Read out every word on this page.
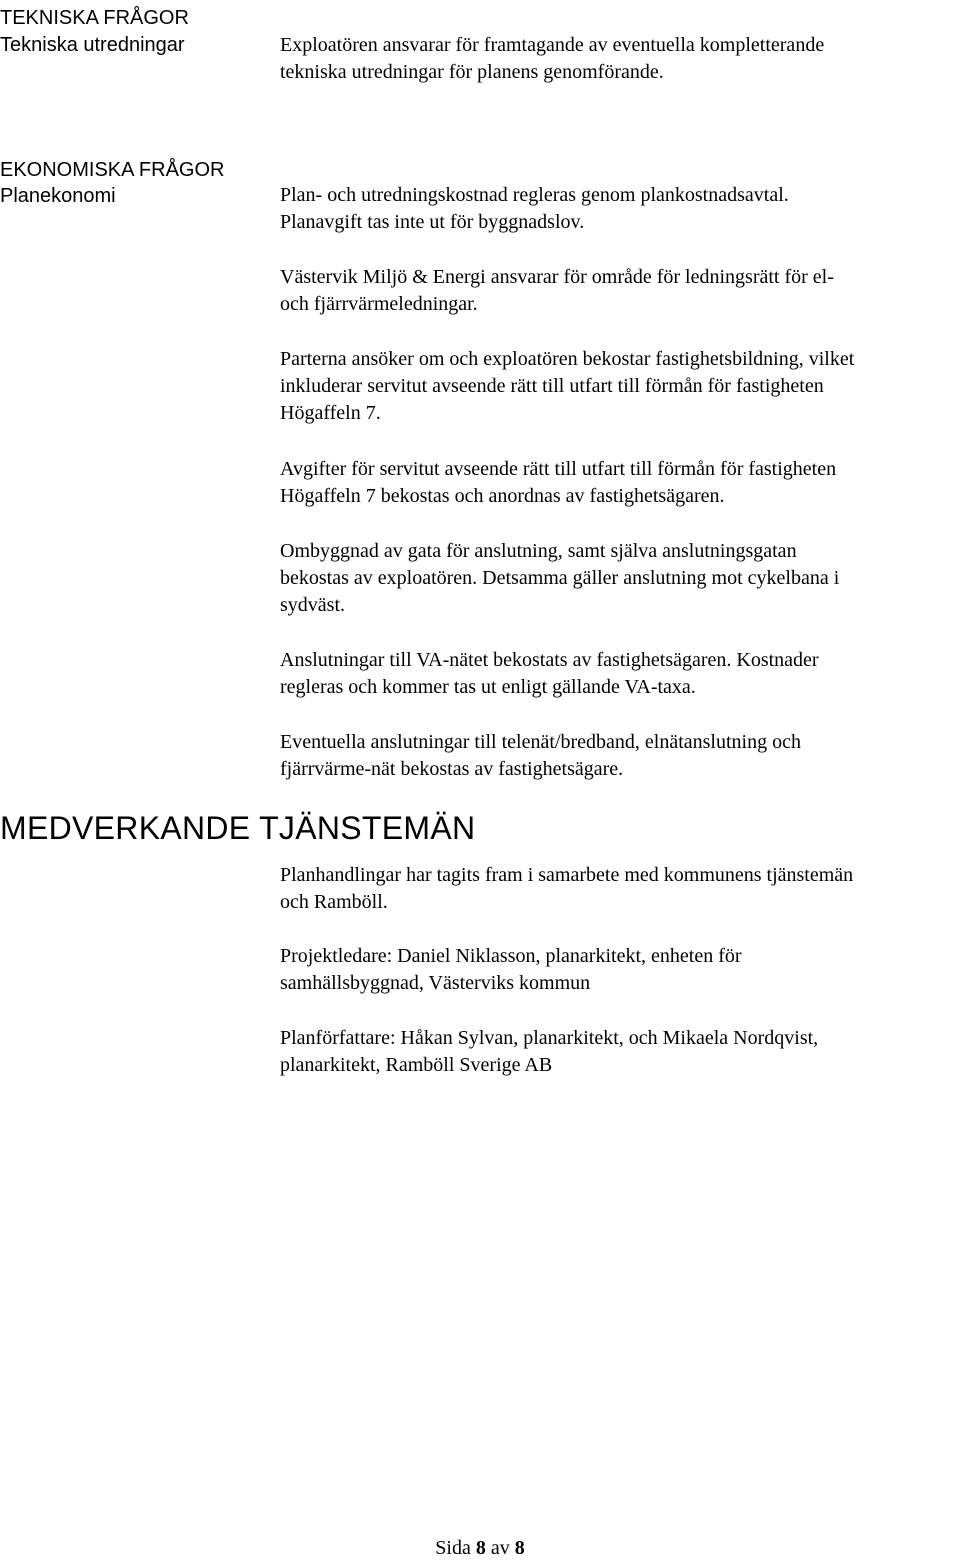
TEKNISKA FRÅGOR
Tekniska utredningar	Exploatören ansvarar för framtagande av eventuella kompletterande
tekniska utredningar för planens genomförande.

EKONOMISKA FRÅGOR
Planekonomi	Plan- och utredningskostnad regleras genom plankostnadsavtal.
Planavgift tas inte ut för byggnadslov.

Västervik Miljö & Energi ansvarar för område för ledningsrätt för el-
och fjärrvärmeledningar.

Parterna ansöker om och exploatören bekostar fastighetsbildning, vilket
inkluderar servitut avseende rätt till utfart till förmån för fastigheten
Högaffeln 7.

Avgifter för servitut avseende rätt till utfart till förmån för fastigheten
Högaffeln 7 bekostas och anordnas av fastighetsägaren.

Ombyggnad av gata för anslutning, samt själva anslutningsgatan
bekostas av exploatören. Detsamma gäller anslutning mot cykelbana i
sydväst.

Anslutningar till VA-nätet bekostats av fastighetsägaren. Kostnader
regleras och kommer tas ut enligt gällande VA-taxa.

Eventuella anslutningar till telenät/bredband, elnätanslutning och
fjärrvärme-nät bekostas av fastighetsägare.

MEDVERKANDE TJÄNSTEMÄN

Planhandlingar har tagits fram i samarbete med kommunens tjänstemän
och Ramböll.

Projektledare: Daniel Niklasson, planarkitekt, enheten för
samhällsbyggnad, Västerviks kommun

Planförfattare: Håkan Sylvan, planarkitekt, och Mikaela Nordqvist,
planarkitekt, Ramböll Sverige AB

Sida 8 av 8
